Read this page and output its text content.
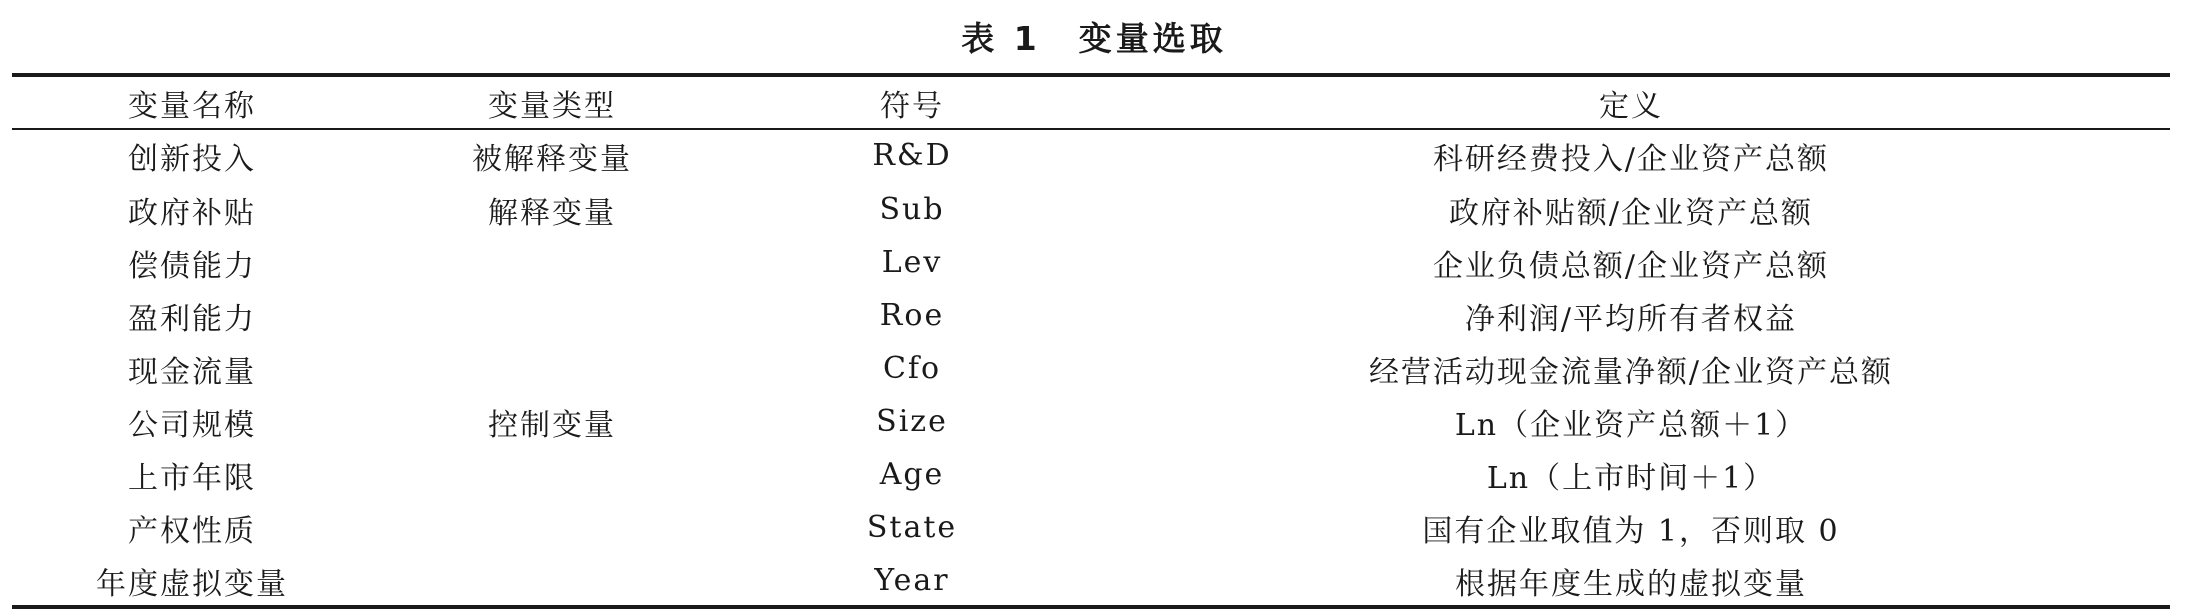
表 1 变量选取
变量名称	变量类型	符号	定义
创新投入	被解释变量	R&D	科研经费投入/企业资产总额
政府补贴	解释变量	Sub	政府补贴额/企业资产总额
偿债能力		Lev	企业负债总额/企业资产总额
盈利能力		Roe	净利润/平均所有者权益
现金流量		Cfo	经营活动现金流量净额/企业资产总额
公司规模	控制变量	Size	Ln（企业资产总额＋1）
上市年限		Age	Ln（上市时间＋1）
产权性质		State	国有企业取值为 1，否则取 0
年度虚拟变量		Year	根据年度生成的虚拟变量
